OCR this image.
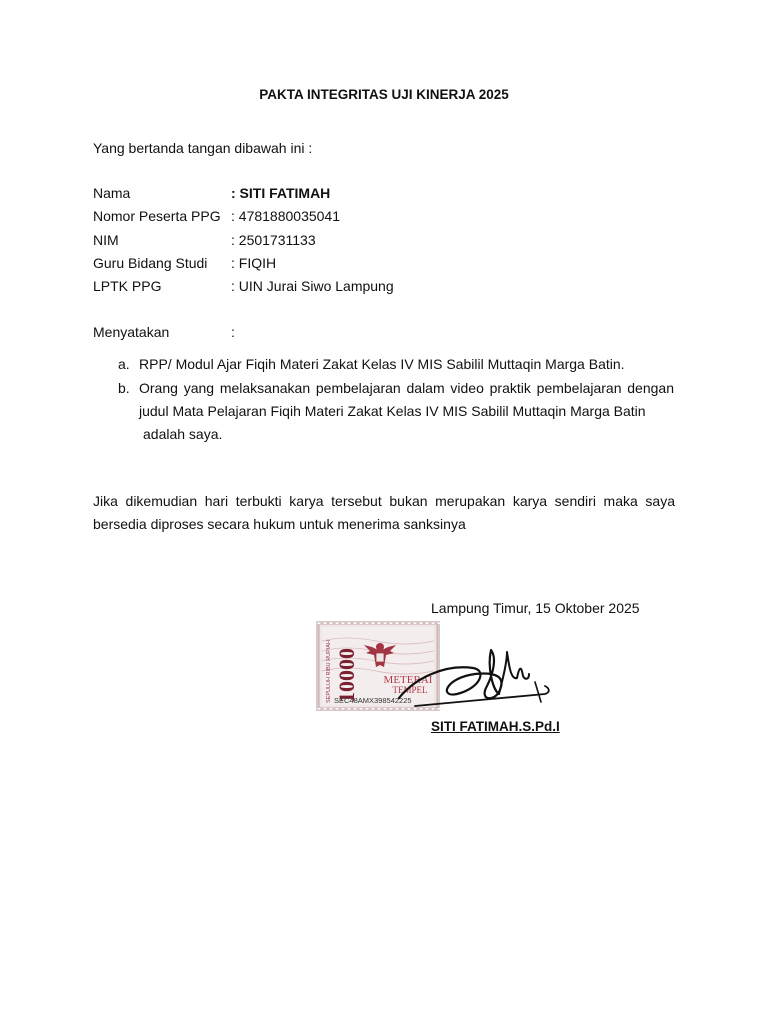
PAKTA INTEGRITAS UJI KINERJA 2025
Yang bertanda tangan dibawah ini :
Nama	: SITI FATIMAH
Nomor Peserta PPG : 4781880035041
NIM	: 2501731133
Guru Bidang Studi : FIQIH
LPTK PPG	: UIN Jurai Siwo Lampung
Menyatakan	:
a. RPP/ Modul Ajar Fiqih Materi Zakat Kelas IV MIS Sabilil Muttaqin Marga Batin.
b. Orang yang melaksanakan pembelajaran dalam video praktik pembelajaran dengan
judul Mata Pelajaran Fiqih Materi Zakat Kelas IV MIS Sabilil Muttaqin Marga Batin
adalah saya.
Jika dikemudian hari terbukti karya tersebut bukan merupakan karya sendiri maka saya bersedia diproses secara hukum untuk menerima sanksinya
Lampung Timur, 15 Oktober 2025
SEPULUH RIBU RUPIAH 10000 METERAI
TEMPEL
SEC48AMX398542225
SITI FATIMAH.S.Pd.I
